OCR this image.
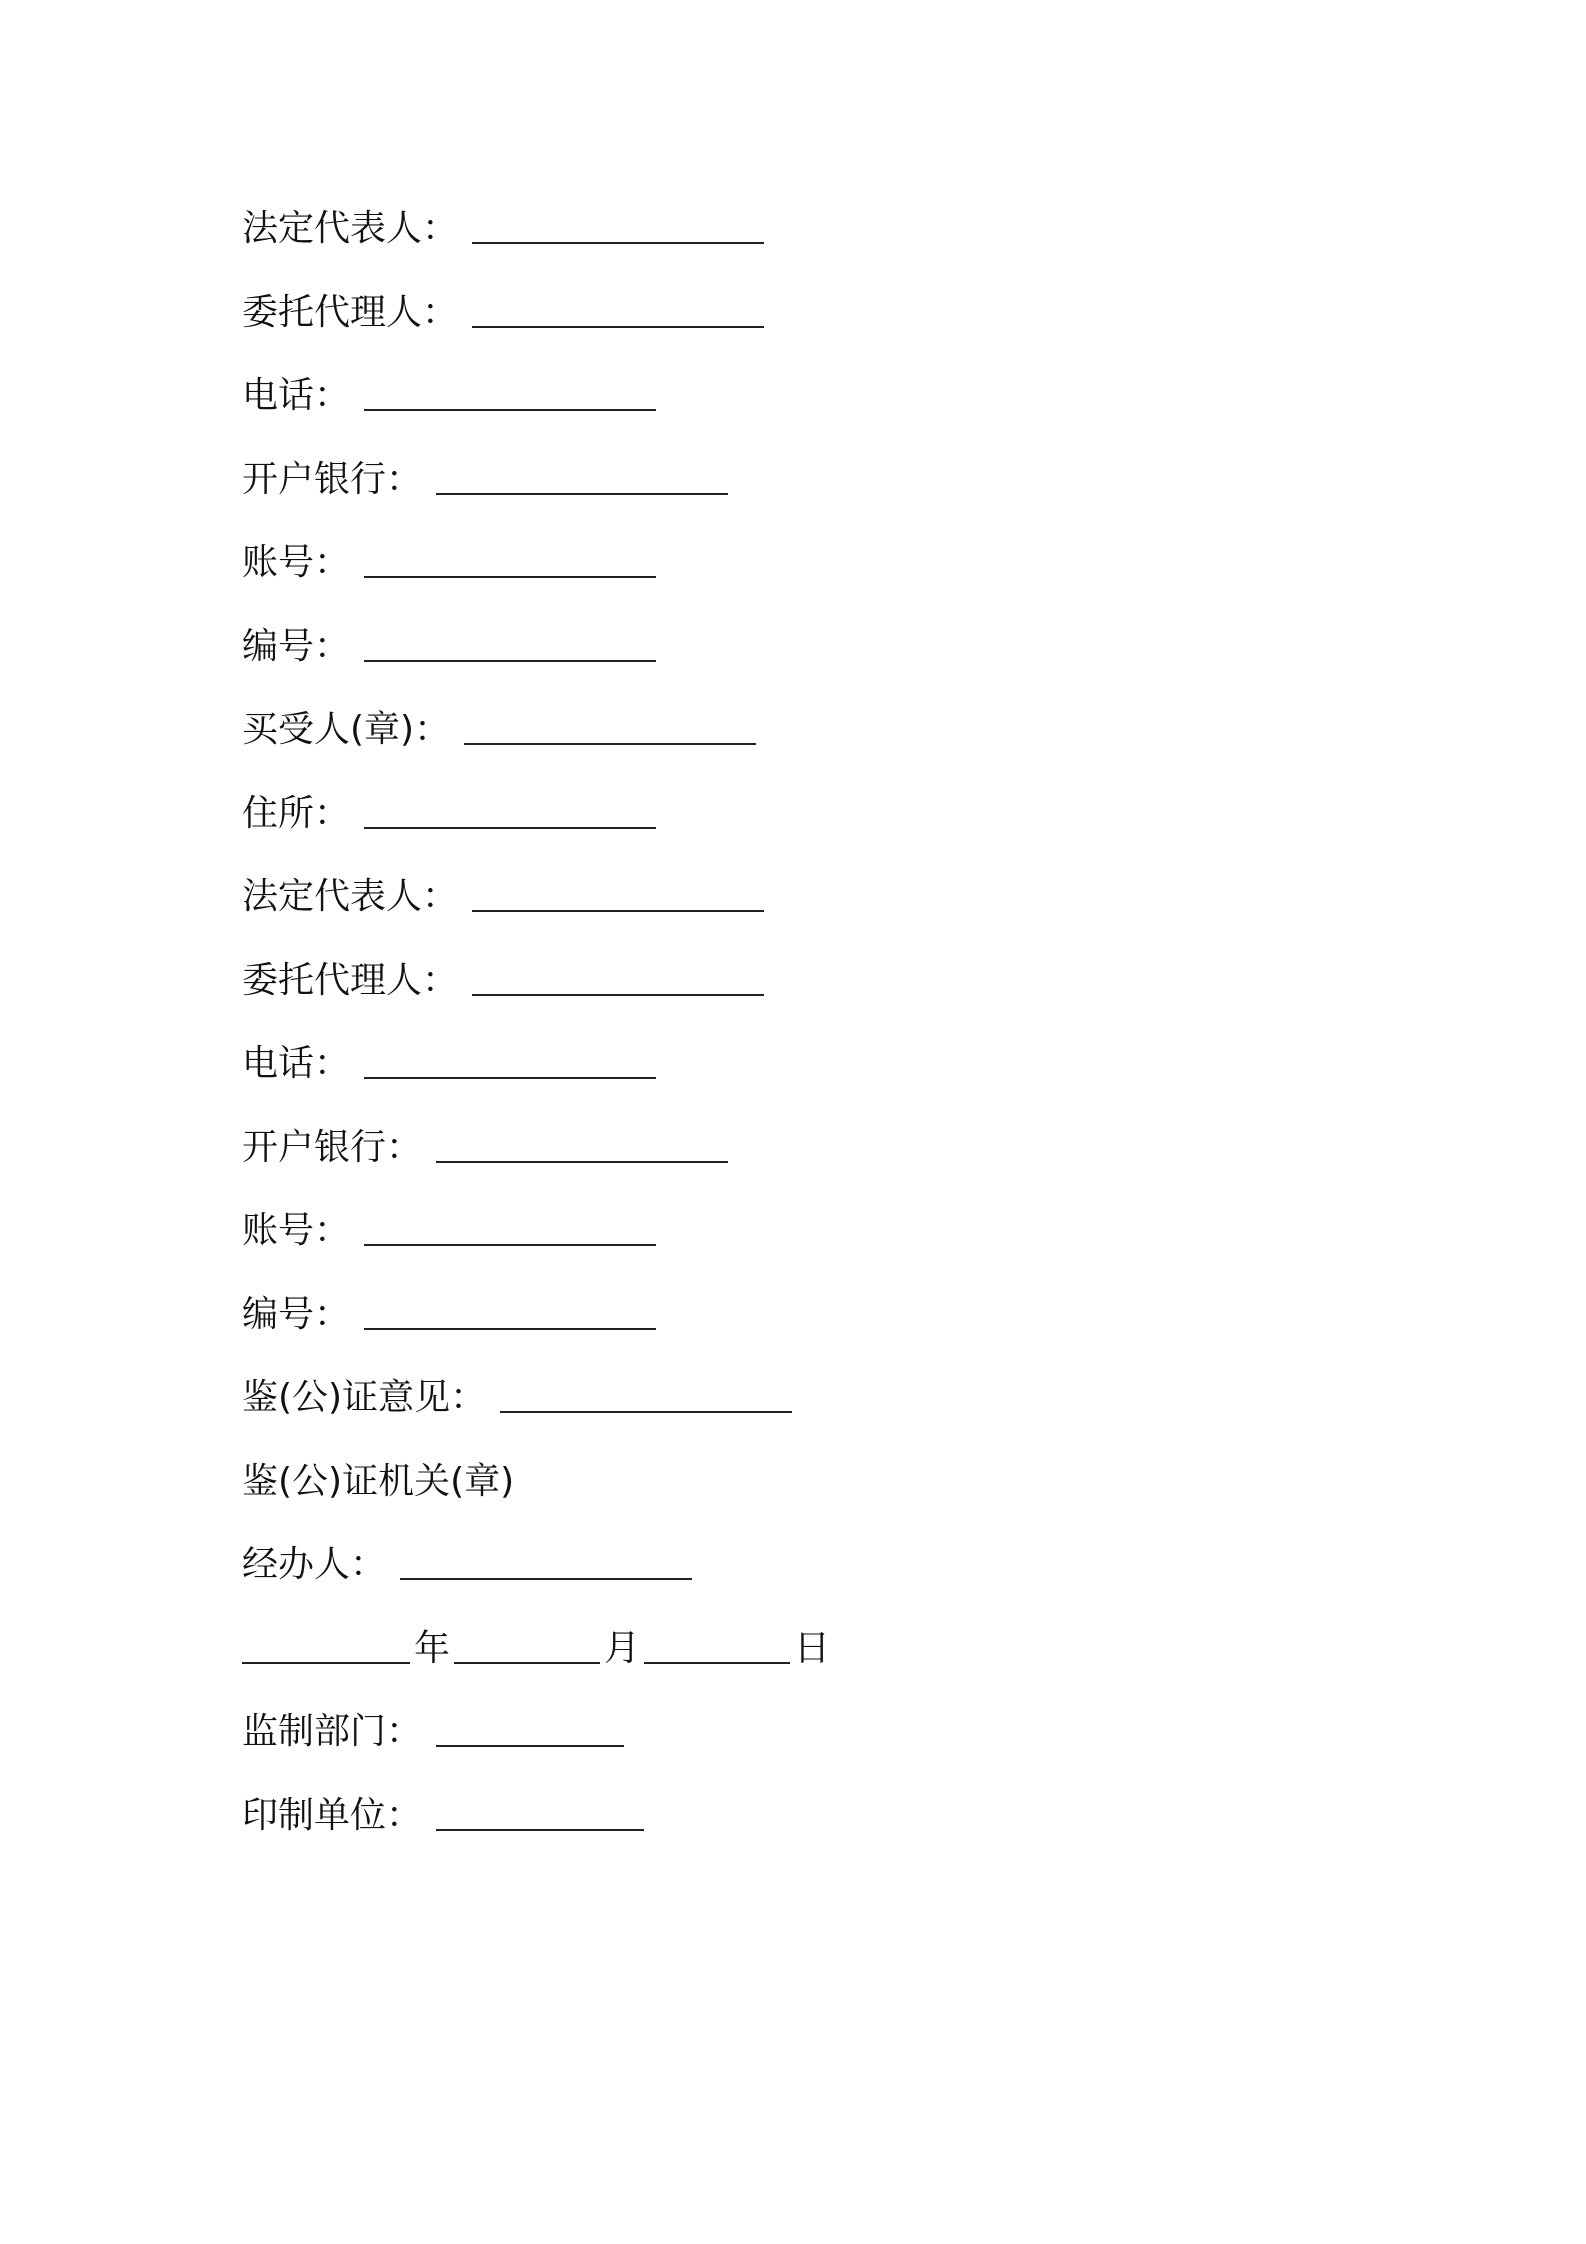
法定代表人：
委托代理人：
电话：
开户银行：
账号：
编号：
买受人(章)：
住所：
法定代表人：
委托代理人：
电话：
开户银行：
账号：
编号：
鉴(公)证意见：
鉴(公)证机关(章)
经办人：
年	月	日
监制部门：
印制单位：
